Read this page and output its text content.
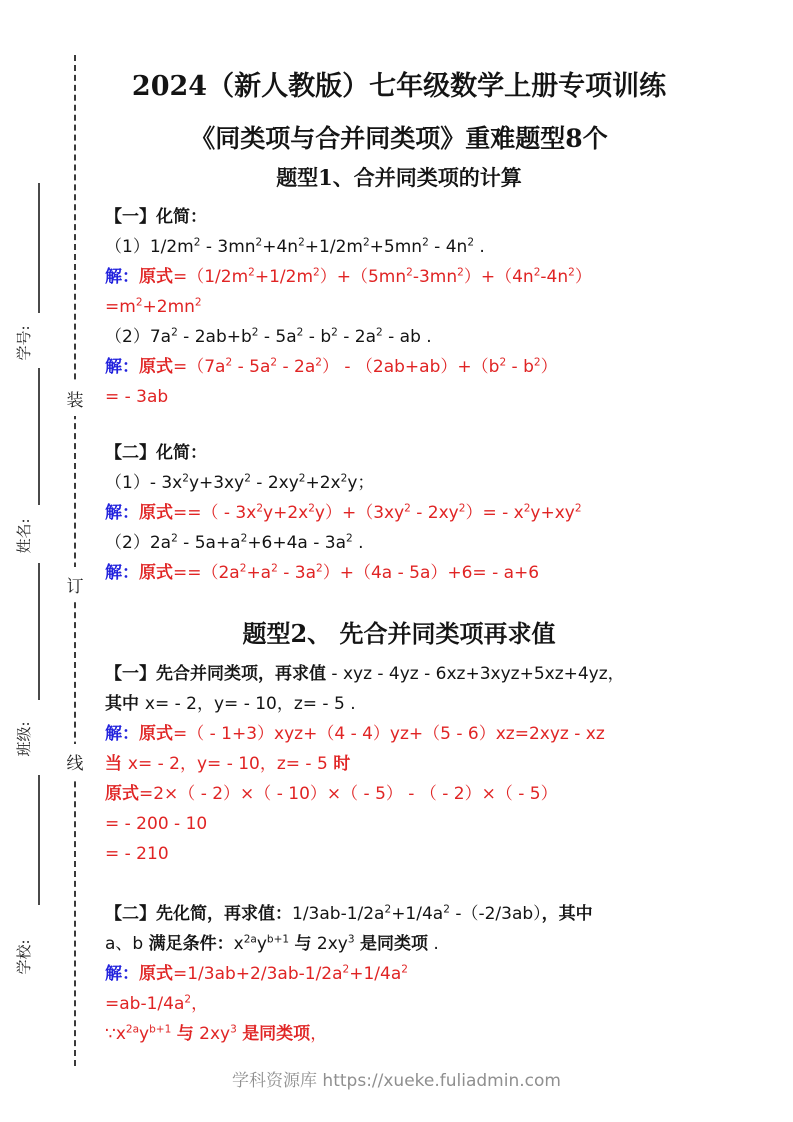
装
订
线
学号:
姓名:
班级:
学校:
2024（新人教版）七年级数学上册专项训练
《同类项与合并同类项》重难题型8个
题型1、合并同类项的计算
【一】化简：
$(1)1/2m^2 - 3mn^2+4n^2+1/2m^2+5mn^2 - 4n^2$ .
解：原式$=(1/2m^2+1/2m^2)+(5mn^2-3mn^2)+(4n^2-4n^2)$
$=m^2+2mn^2$
$(2)7a^2 - 2ab+b^2 - 5a^2 - b^2 - 2a^2$ - ab .
解：原式$=(7a^2 - 5a^2 - 2a^2) - (2ab+ab)+(b^2 - b^2)$
= - 3ab
【二】化简：
（1）- $3x^2y+3xy^2 - 2xy^2+2x^2y$；
解：原式==（ - $3x^2y+2x^2y)+(3xy^2 - 2xy^2)= - x^2y+xy^2$
$(2)2a^2 - 5a+a^2+6+4a - 3a^2$ .
解：原式$==(2a^2+a^2 - 3a^2)+(4a - 5a)+6= - a+6$
题型2、 先合并同类项再求值
【一】先合并同类项，再求值 - xyz - 4yz - 6xz+3xyz+5xz+4yz，
其中 x= - 2，y= - 10，z= - 5 .
解：原式=（ - 1+3）xyz+（4 - 4）yz+（5 - 6）xz=2xyz - xz
当 x= - 2，y= - 10，z= - 5 时
原式=2×（ - 2）×（ - 10）×（ - 5） - （ - 2）×（ - 5）
= - 200 - 10
= - 210
【二】先化简，再求值：$1/3ab-1/2a^2+1/4a^2$ -（-2/3ab），其中
a、b 满足条件：$x^{2a}y^{b+1}$ 与 $2xy^3$ 是同类项 .
解：原式$=1/3ab+2/3ab-1/2a^2+1/4a^2$
$=ab-1/4a^2$，
$\because x^{2a}y^{b+1}$ 与 $2xy^3$ 是同类项，
学科资源库 https://xueke.fuliadmin.com
